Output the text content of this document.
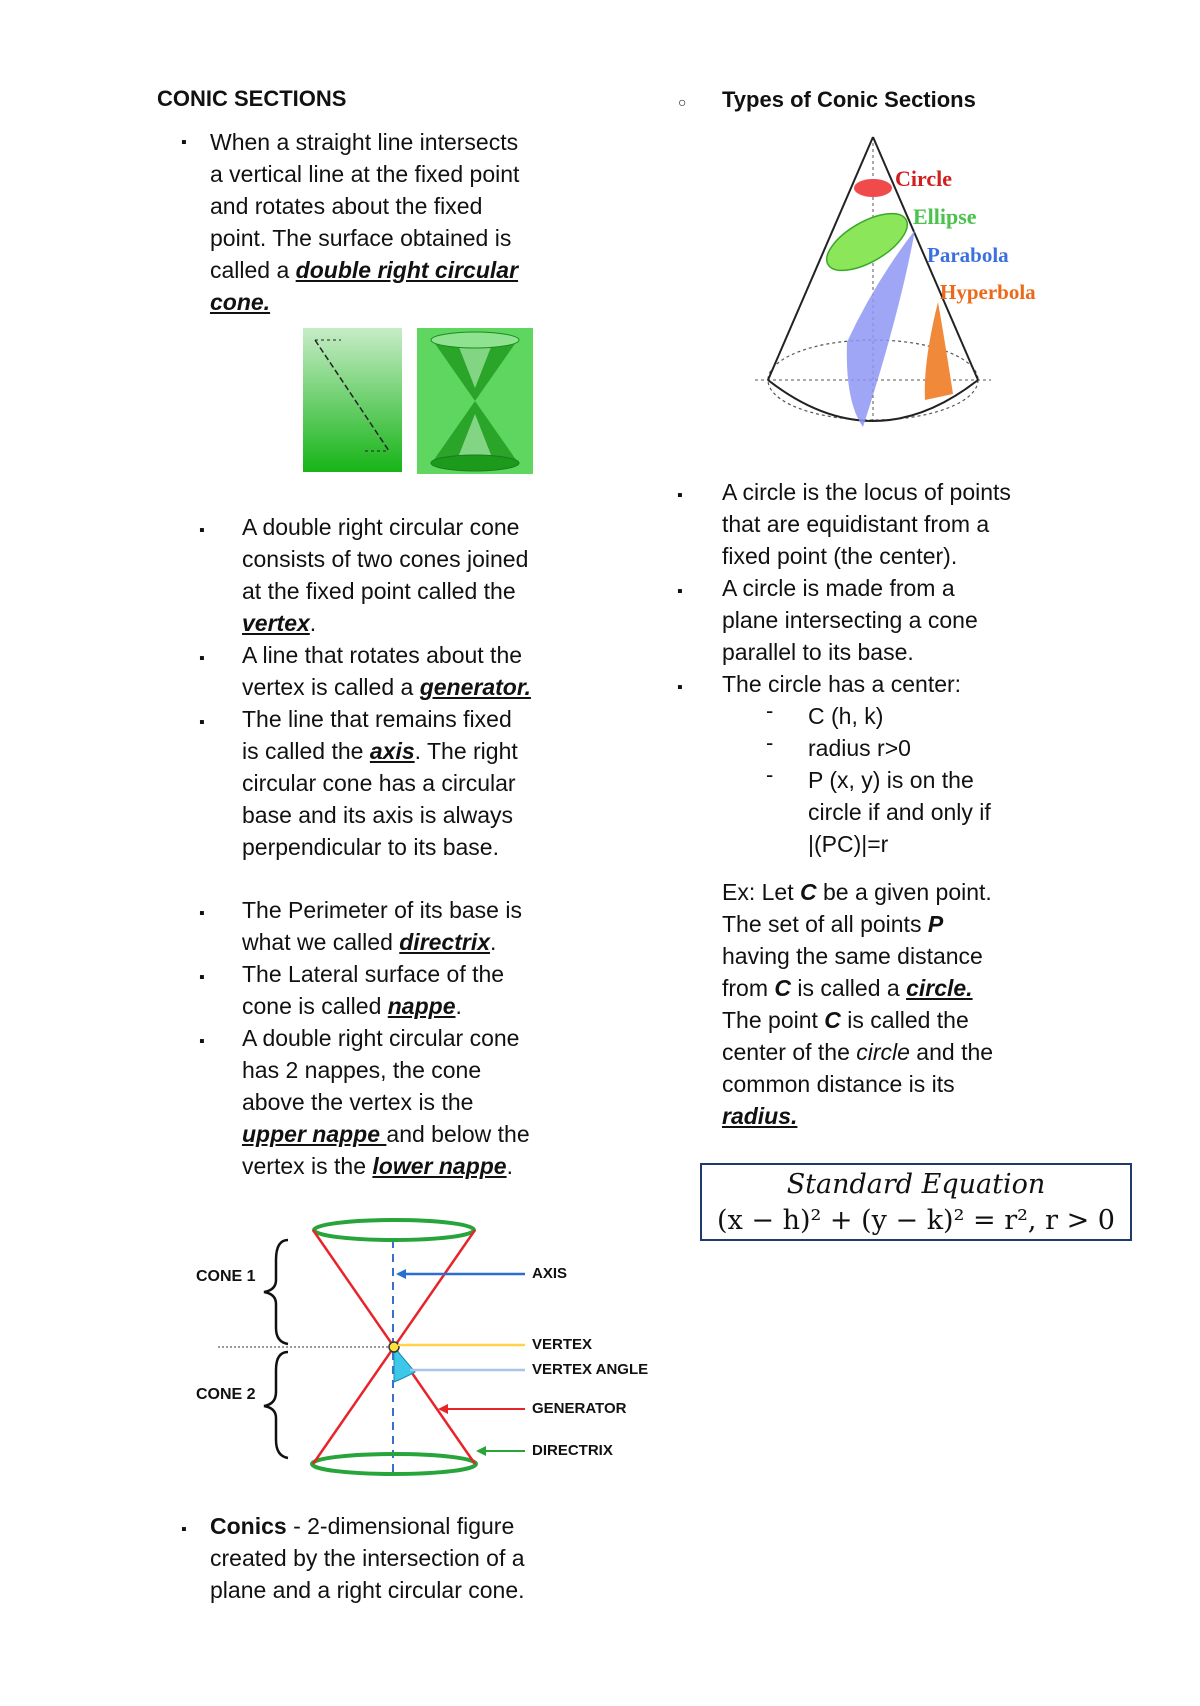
CONIC SECTIONS
▪ When a straight line intersects
a vertical line at the fixed point
and rotates about the fixed
point. The surface obtained is
called a double right circular
cone.
▪ A double right circular cone
consists of two cones joined
at the fixed point called the
vertex.
▪ A line that rotates about the
vertex is called a generator.
▪ The line that remains fixed
is called the axis. The right
circular cone has a circular
base and its axis is always
perpendicular to its base.
▪ The Perimeter of its base is
what we called directrix.
▪ The Lateral surface of the
cone is called nappe.
▪ A double right circular cone
has 2 nappes, the cone
above the vertex is the
upper nappe and below the
vertex is the lower nappe.
CONE 1
CONE 2
AXIS
VERTEX
VERTEX ANGLE
GENERATOR
DIRECTRIX
▪ Conics - 2-dimensional figure
created by the intersection of a
plane and a right circular cone.
○ Types of Conic Sections
Circle
Ellipse
Parabola
Hyperbola
▪ A circle is the locus of points
that are equidistant from a
fixed point (the center).
▪ A circle is made from a
plane intersecting a cone
parallel to its base.
▪ The circle has a center:
- C (h, k)
- radius r>0
- P (x, y) is on the
circle if and only if
|(PC)|=r
Ex: Let C be a given point.
The set of all points P
having the same distance
from C is called a circle.
The point C is called the
center of the circle and the
common distance is its
radius.
Standard Equation
(x − h)² + (y − k)² = r², r > 0
